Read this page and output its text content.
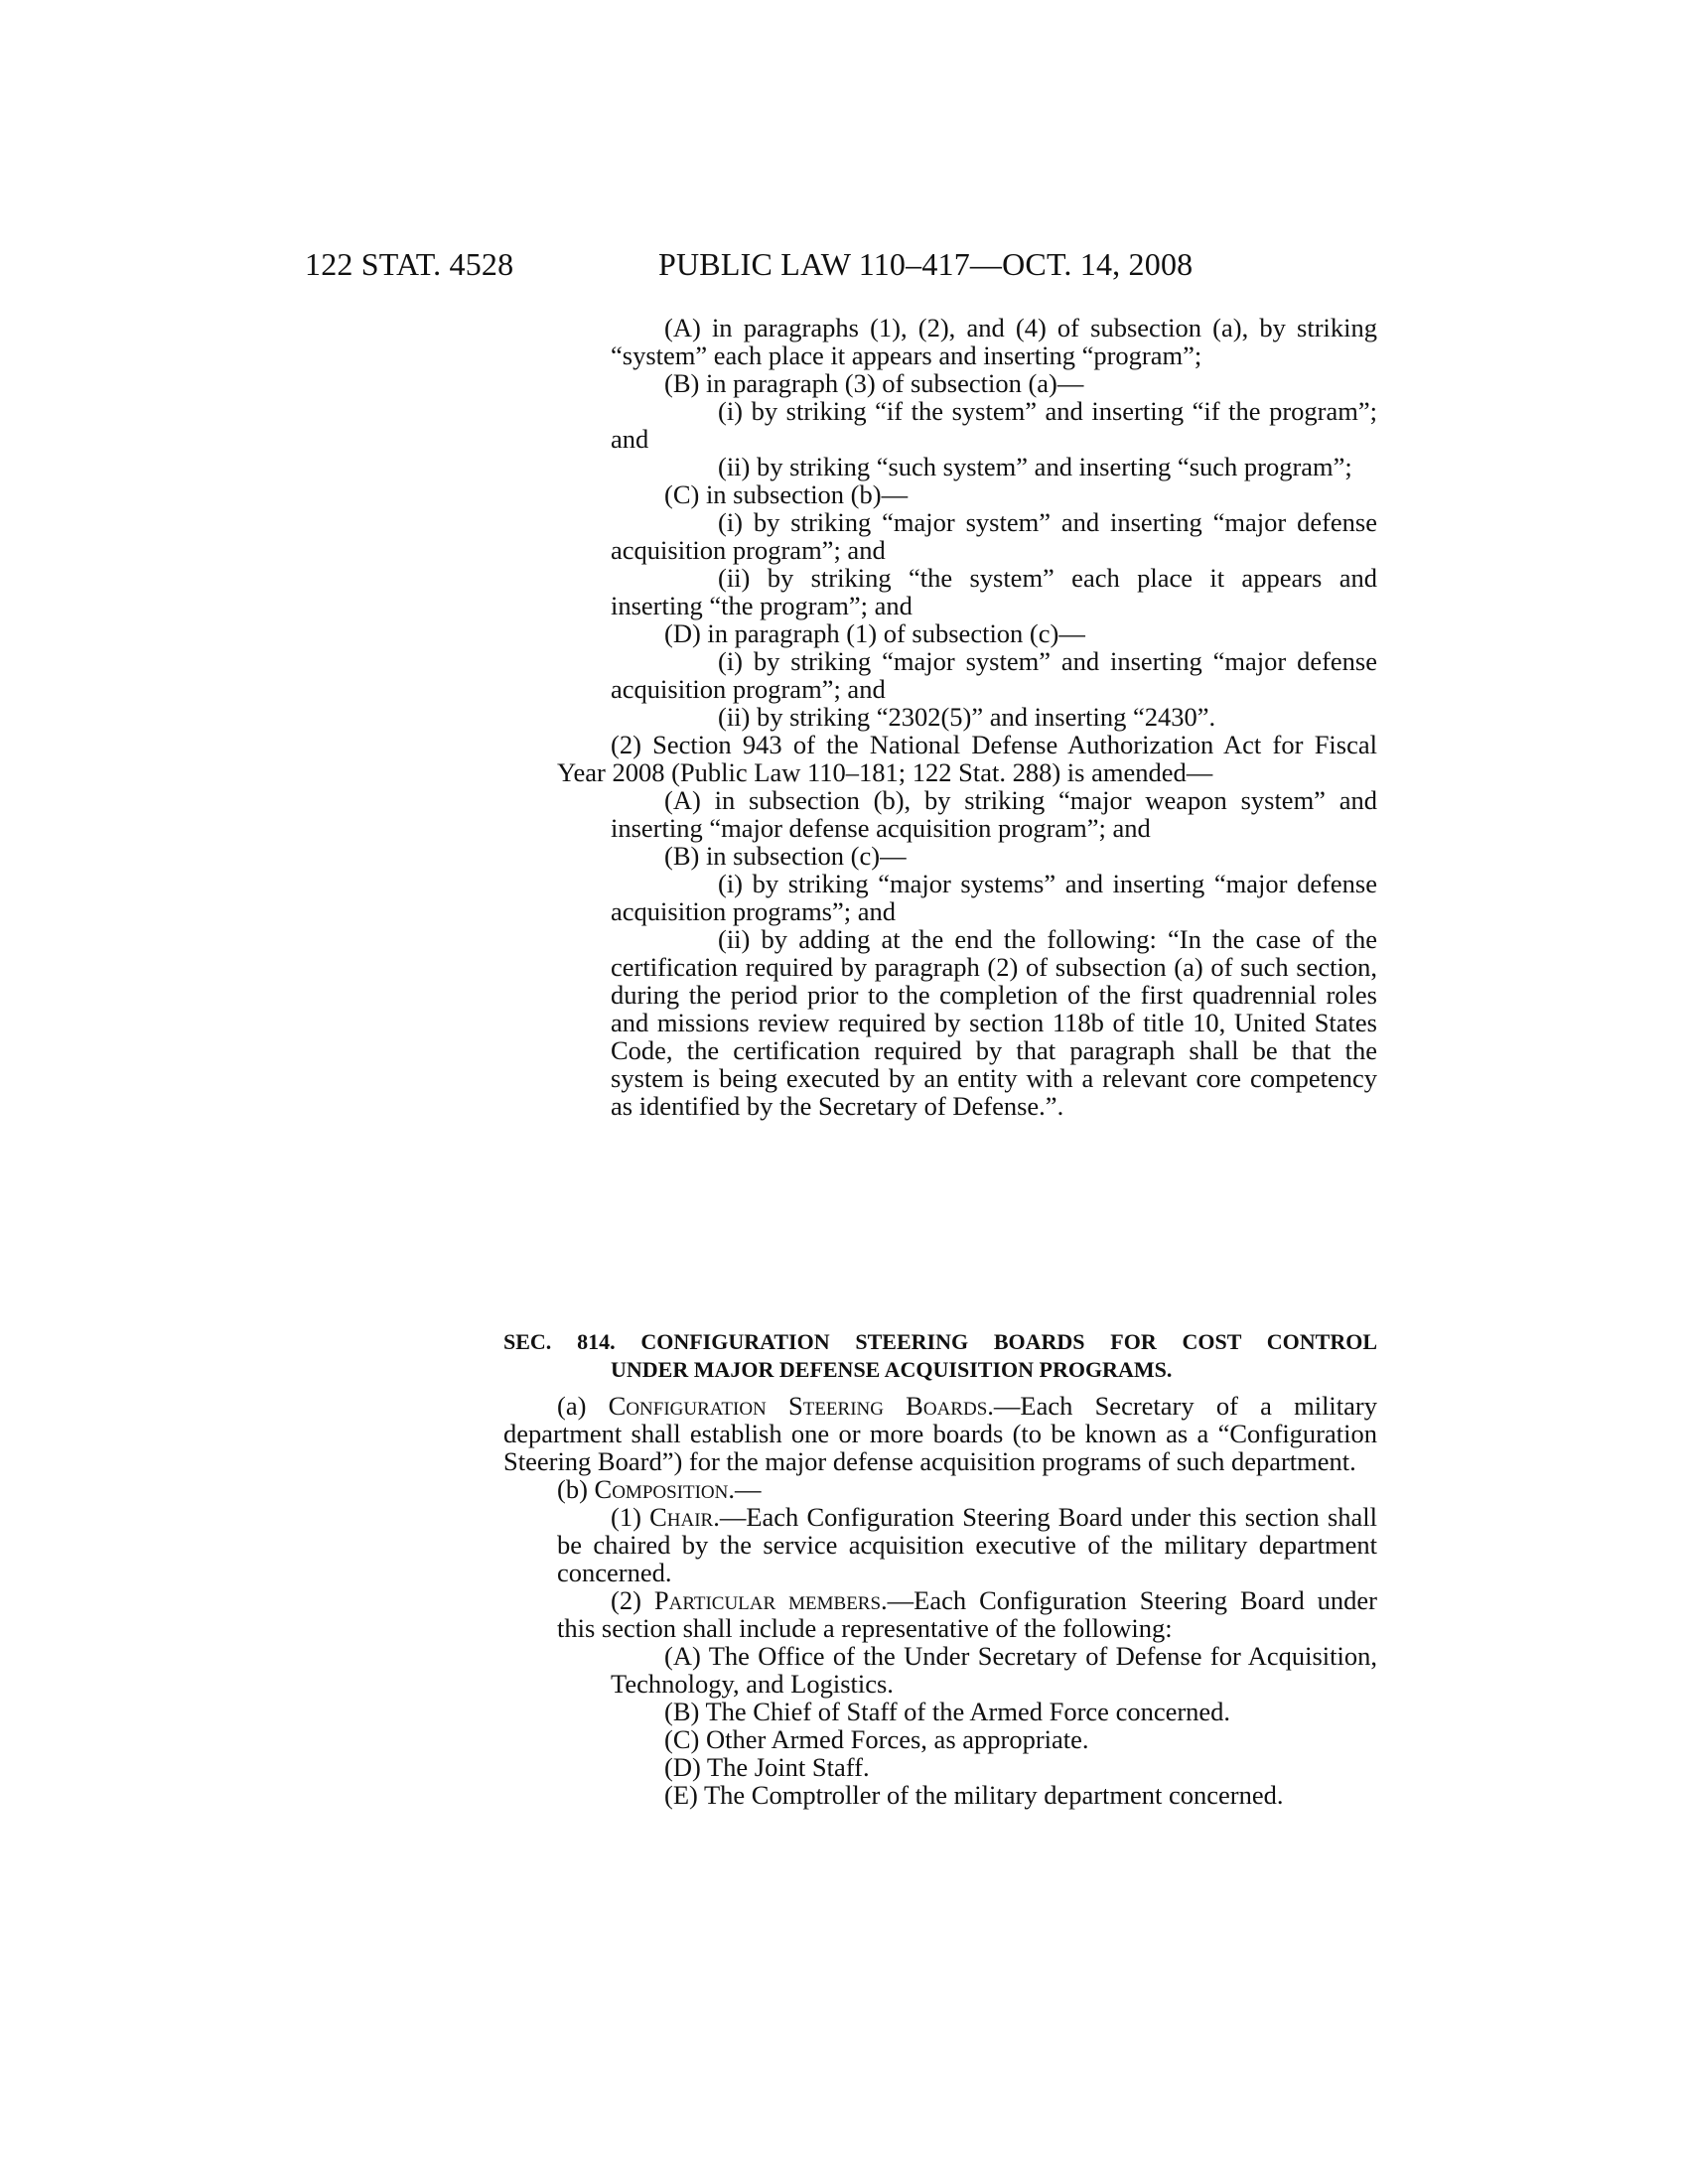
122 STAT. 4528	PUBLIC LAW 110–417—OCT. 14, 2008

(A) in paragraphs (1), (2), and (4) of subsection (a), by striking “system” each place it appears and inserting “program”;

(B) in paragraph (3) of subsection (a)—

(i) by striking “if the system” and inserting “if the program”; and

(ii) by striking “such system” and inserting “such program”;

(C) in subsection (b)—

(i) by striking “major system” and inserting “major defense acquisition program”; and

(ii) by striking “the system” each place it appears and inserting “the program”; and

(D) in paragraph (1) of subsection (c)—

(i) by striking “major system” and inserting “major defense acquisition program”; and

(ii) by striking “2302(5)” and inserting “2430”.

(2) Section 943 of the National Defense Authorization Act for Fiscal Year 2008 (Public Law 110–181; 122 Stat. 288) is amended—

(A) in subsection (b), by striking “major weapon system” and inserting “major defense acquisition program”; and

(B) in subsection (c)—

(i) by striking “major systems” and inserting “major defense acquisition programs”; and

(ii) by adding at the end the following: “In the case of the certification required by paragraph (2) of subsection (a) of such section, during the period prior to the completion of the first quadrennial roles and missions review required by section 118b of title 10, United States Code, the certification required by that paragraph shall be that the system is being executed by an entity with a relevant core competency as identified by the Secretary of Defense.”.

SEC. 814. CONFIGURATION STEERING BOARDS FOR COST CONTROL
UNDER MAJOR DEFENSE ACQUISITION PROGRAMS.

(a) Configuration Steering Boards.—Each Secretary of a military department shall establish one or more boards (to be known as a “Configuration Steering Board”) for the major defense acquisition programs of such department.

(b) Composition.—

(1) Chair.—Each Configuration Steering Board under this section shall be chaired by the service acquisition executive of the military department concerned.

(2) Particular members.—Each Configuration Steering Board under this section shall include a representative of the following:

(A) The Office of the Under Secretary of Defense for Acquisition, Technology, and Logistics.

(B) The Chief of Staff of the Armed Force concerned.

(C) Other Armed Forces, as appropriate.

(D) The Joint Staff.

(E) The Comptroller of the military department concerned.
